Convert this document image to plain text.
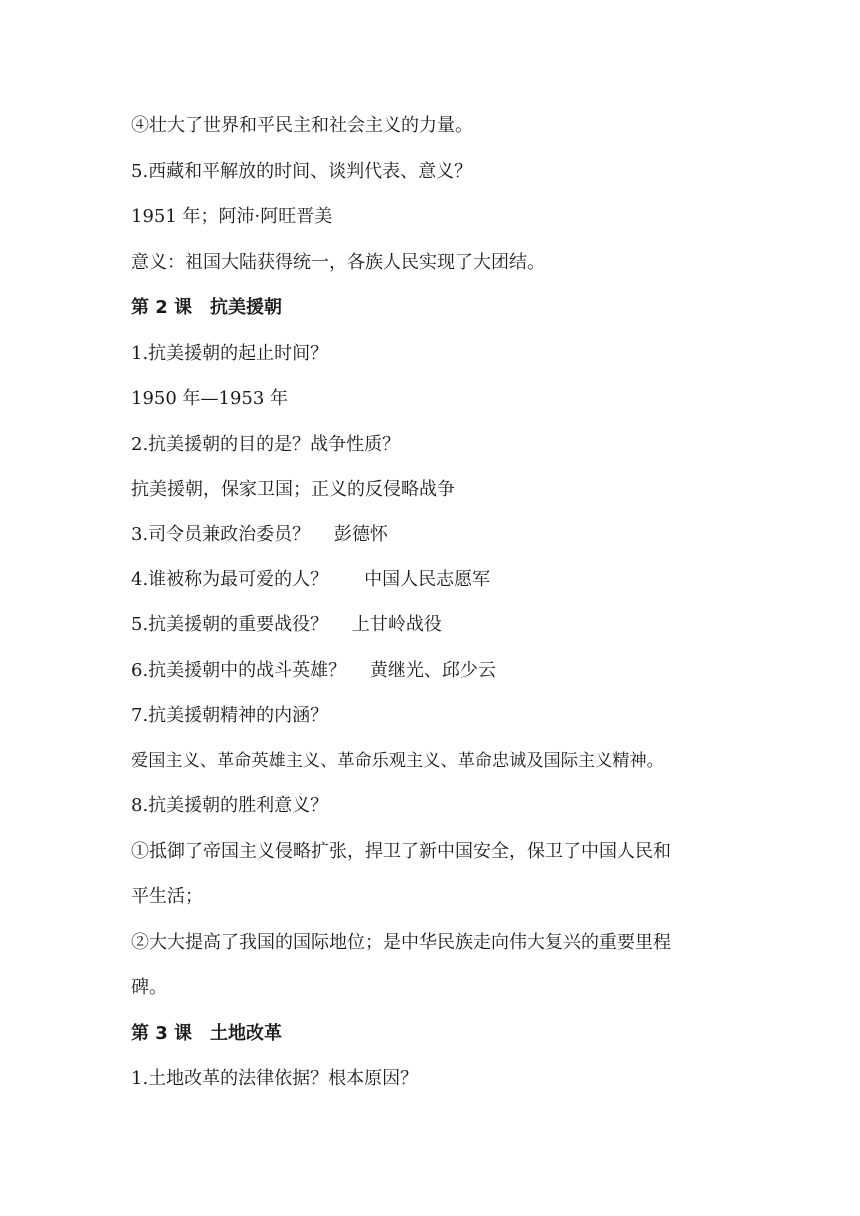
④壮大了世界和平民主和社会主义的力量。
5.西藏和平解放的时间、谈判代表、意义？
1951 年；阿沛·阿旺晋美
意义：祖国大陆获得统一，各族人民实现了大团结。
第 2 课　抗美援朝
1.抗美援朝的起止时间？
1950 年—1953 年
2.抗美援朝的目的是？战争性质？
抗美援朝，保家卫国；正义的反侵略战争
3.司令员兼政治委员？　 彭德怀
4.谁被称为最可爱的人？　　中国人民志愿军
5.抗美援朝的重要战役？　 上甘岭战役
6.抗美援朝中的战斗英雄？　 黄继光、邱少云
7.抗美援朝精神的内涵？
爱国主义、革命英雄主义、革命乐观主义、革命忠诚及国际主义精神。
8.抗美援朝的胜利意义？
①抵御了帝国主义侵略扩张，捍卫了新中国安全，保卫了中国人民和
平生活；
②大大提高了我国的国际地位；是中华民族走向伟大复兴的重要里程
碑。
第 3 课　土地改革
1.土地改革的法律依据？根本原因？
